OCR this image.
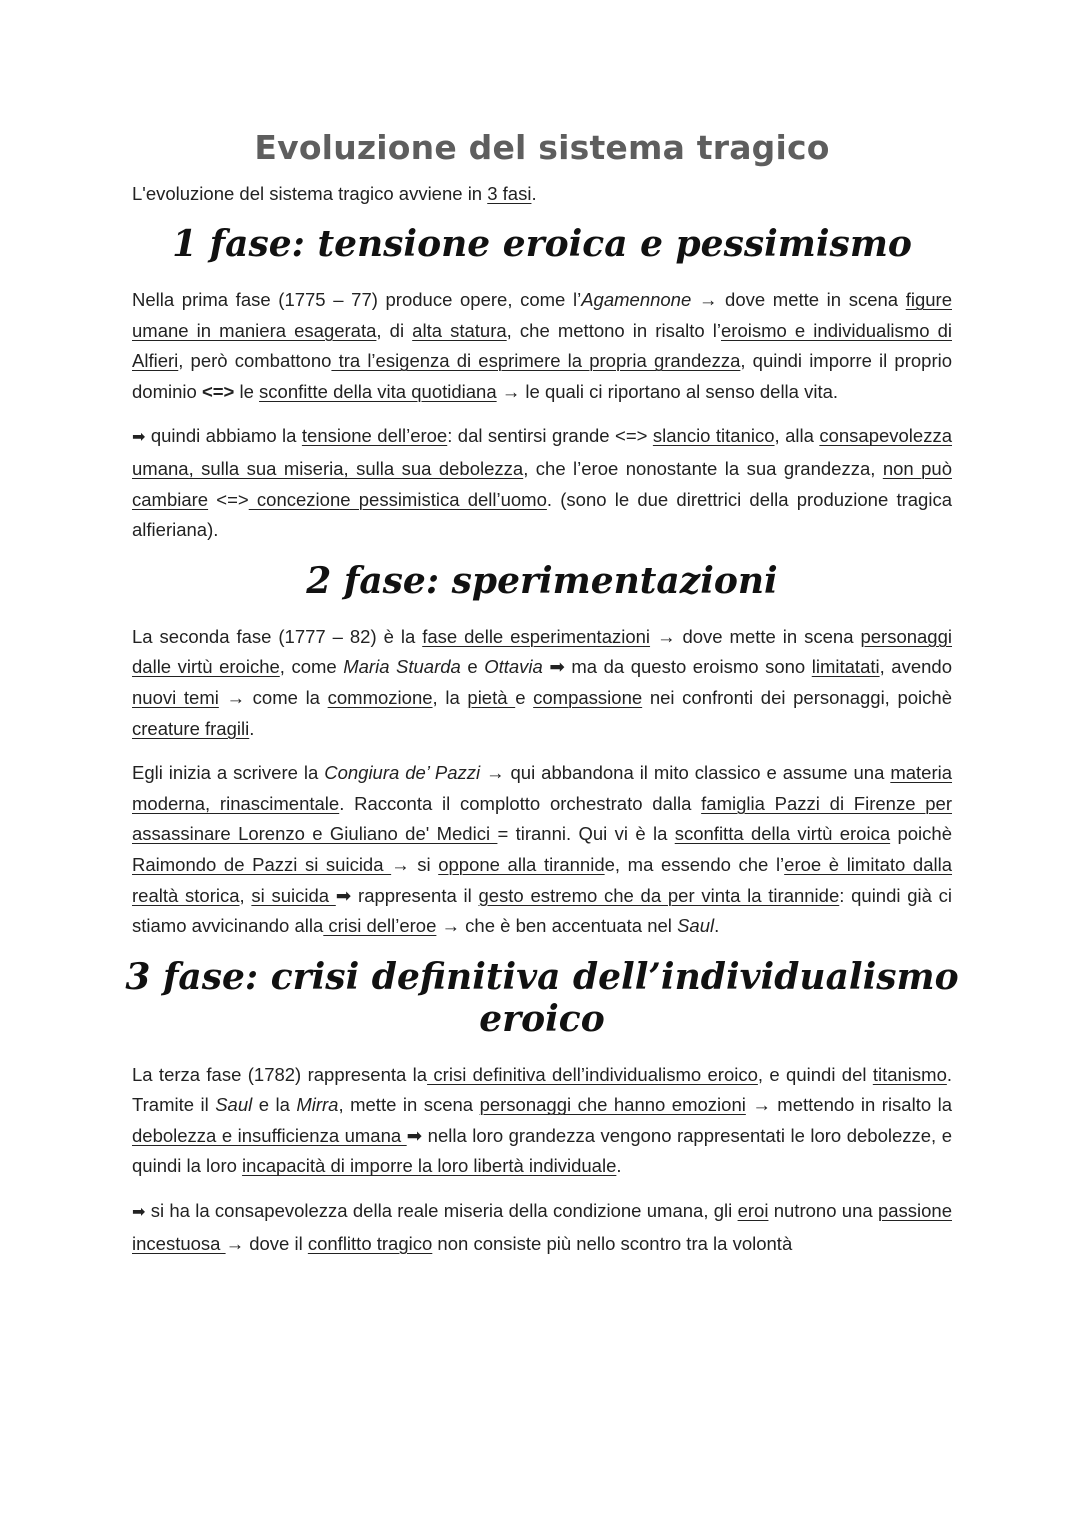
Evoluzione del sistema tragico

L'evoluzione del sistema tragico avviene in 3 fasi.

1 fase: tensione eroica e pessimismo

Nella prima fase (1775 – 77) produce opere, come l’Agamennone → dove mette in scena figure umane in maniera esagerata, di alta statura, che mettono in risalto l’eroismo e individualismo di Alfieri, però combattono tra l’esigenza di esprimere la propria grandezza, quindi imporre il proprio dominio <=> le sconfitte della vita quotidiana → le quali ci riportano al senso della vita.

➡ quindi abbiamo la tensione dell’eroe: dal sentirsi grande <=> slancio titanico, alla consapevolezza umana, sulla sua miseria, sulla sua debolezza, che l’eroe nonostante la sua grandezza, non può cambiare <=> concezione pessimistica dell’uomo. (sono le due direttrici della produzione tragica alfieriana).

2 fase: sperimentazioni

La seconda fase (1777 – 82) è la fase delle esperimentazioni → dove mette in scena personaggi dalle virtù eroiche, come Maria Stuarda e Ottavia ➡ ma da questo eroismo sono limitatati, avendo nuovi temi → come la commozione, la pietà e compassione nei confronti dei personaggi, poichè creature fragili.

Egli inizia a scrivere la Congiura de’ Pazzi → qui abbandona il mito classico e assume una materia moderna, rinascimentale. Racconta il complotto orchestrato dalla famiglia Pazzi di Firenze per assassinare Lorenzo e Giuliano de' Medici = tiranni. Qui vi è la sconfitta della virtù eroica poichè Raimondo de Pazzi si suicida → si oppone alla tirannide, ma essendo che l’eroe è limitato dalla realtà storica, si suicida ➡ rappresenta il gesto estremo che da per vinta la tirannide: quindi già ci stiamo avvicinando alla crisi dell’eroe → che è ben accentuata nel Saul.

3 fase: crisi definitiva dell’individualismo eroico

La terza fase (1782) rappresenta la crisi definitiva dell’individualismo eroico, e quindi del titanismo. Tramite il Saul e la Mirra, mette in scena personaggi che hanno emozioni → mettendo in risalto la debolezza e insufficienza umana ➡ nella loro grandezza vengono rappresentati le loro debolezze, e quindi la loro incapacità di imporre la loro libertà individuale.

➡ si ha la consapevolezza della reale miseria della condizione umana, gli eroi nutrono una passione incestuosa → dove il conflitto tragico non consiste più nello scontro tra la volontà
